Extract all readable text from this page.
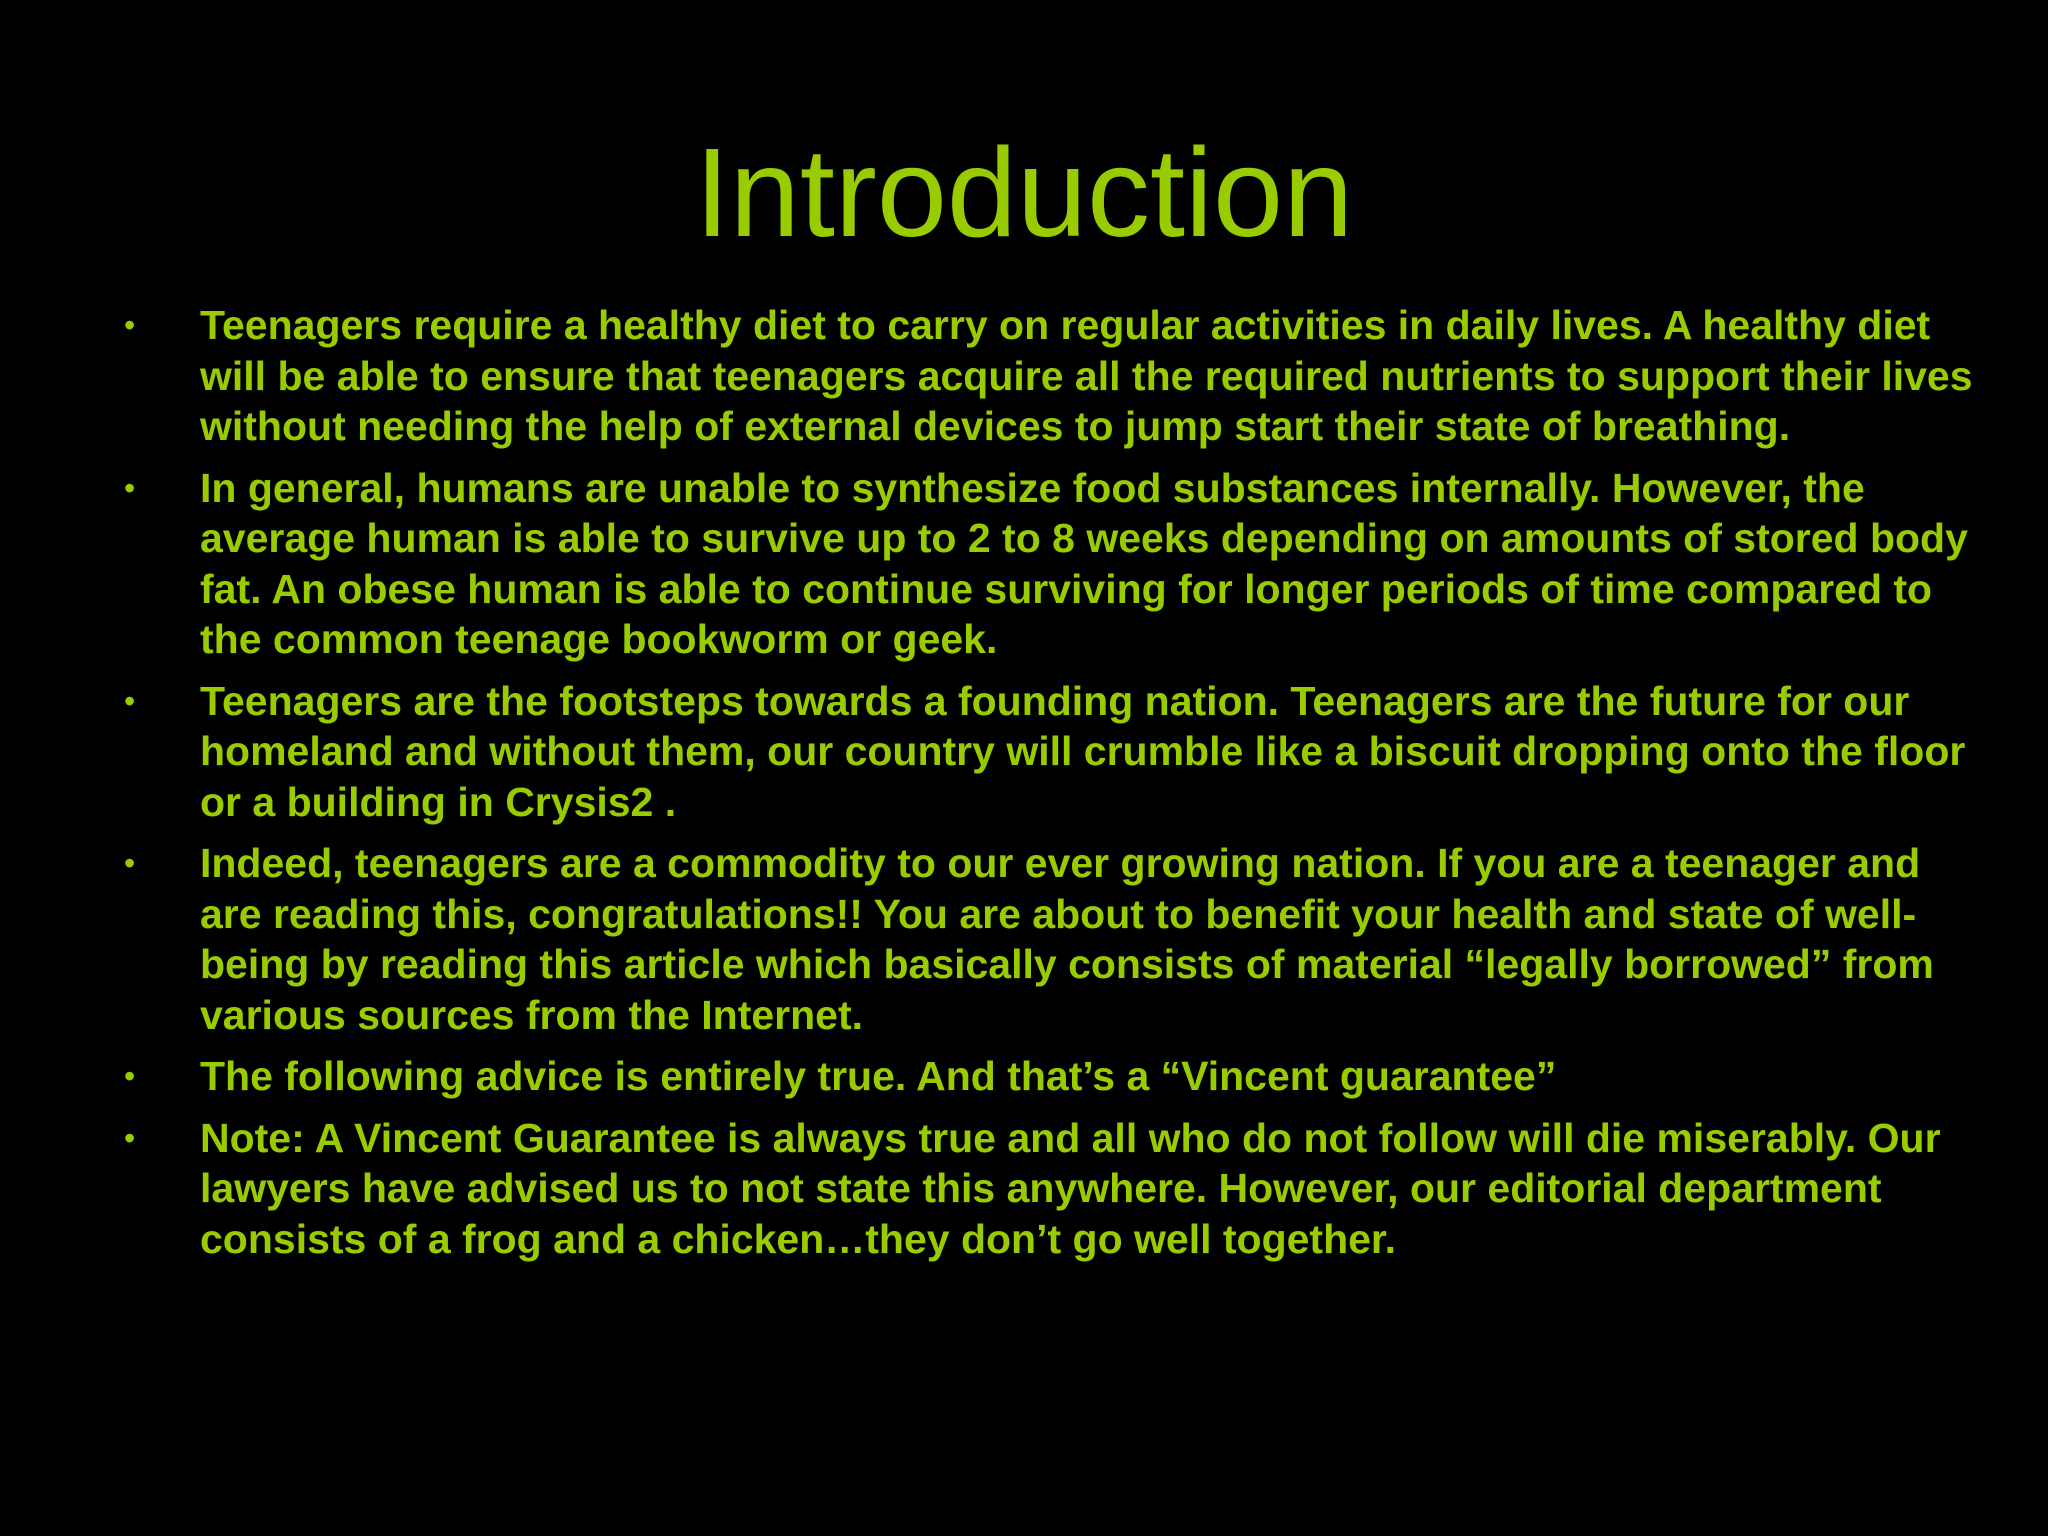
Introduction
• Teenagers require a healthy diet to carry on regular activities in daily lives. A healthy diet will be able to ensure that teenagers acquire all the required nutrients to support their lives without needing the help of external devices to jump start their state of breathing.
• In general, humans are unable to synthesize food substances internally. However, the average human is able to survive up to 2 to 8 weeks depending on amounts of stored body fat. An obese human is able to continue surviving for longer periods of time compared to the common teenage bookworm or geek.
• Teenagers are the footsteps towards a founding nation. Teenagers are the future for our homeland and without them, our country will crumble like a biscuit dropping onto the floor or a building in Crysis2 .
• Indeed, teenagers are a commodity to our ever growing nation. If you are a teenager and are reading this, congratulations!! You are about to benefit your health and state of well-being by reading this article which basically consists of material “legally borrowed” from various sources from the Internet.
• The following advice is entirely true. And that’s a “Vincent guarantee”
• Note: A Vincent Guarantee is always true and all who do not follow will die miserably. Our lawyers have advised us to not state this anywhere. However, our editorial department consists of a frog and a chicken…they don’t go well together.
